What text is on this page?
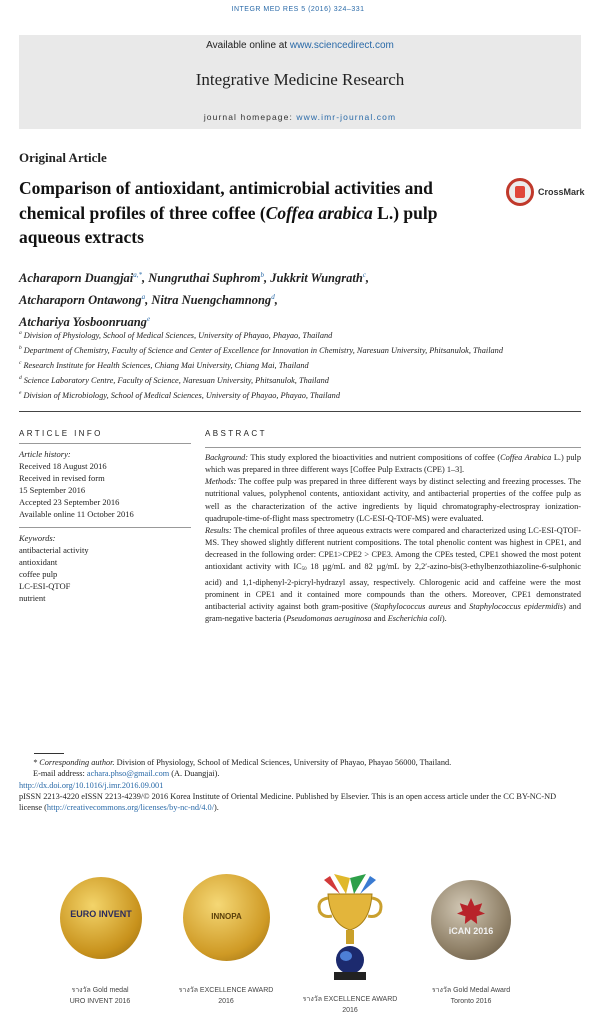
INTEGR MED RES 5 (2016) 324–331
Available online at www.sciencedirect.com
Integrative Medicine Research
journal homepage: www.imr-journal.com
Original Article
Comparison of antioxidant, antimicrobial activities and chemical profiles of three coffee (Coffea arabica L.) pulp aqueous extracts
CrossMark
Acharaporn Duangjai$^{a,*}$, Nungruthai Suphrom$^b$, Jukkrit Wungrath$^c$,
Atcharaporn Ontawong$^a$, Nitra Nuengchamnong$^d$,
Atchariya Yosboonruang$^e$
$^a$ Division of Physiology, School of Medical Sciences, University of Phayao, Phayao, Thailand
$^b$ Department of Chemistry, Faculty of Science and Center of Excellence for Innovation in Chemistry, Naresuan University, Phitsanulok, Thailand
$^c$ Research Institute for Health Sciences, Chiang Mai University, Chiang Mai, Thailand
$^d$ Science Laboratory Centre, Faculty of Science, Naresuan University, Phitsanulok, Thailand
$^e$ Division of Microbiology, School of Medical Sciences, University of Phayao, Phayao, Thailand
ARTICLE INFO
Article history:
Received 18 August 2016
Received in revised form
15 September 2016
Accepted 23 September 2016
Available online 11 October 2016
Keywords:
antibacterial activity
antioxidant
coffee pulp
LC-ESI-QTOF
nutrient
ABSTRACT

Background: This study explored the bioactivities and nutrient compositions of coffee (Coffea Arabica L.) pulp which was prepared in three different ways [Coffee Pulp Extracts (CPE) 1–3].

Methods: The coffee pulp was prepared in three different ways by distinct selecting and freezing processes. The nutritional values, polyphenol contents, antioxidant activity, and antibacterial properties of the coffee pulp as well as the characterization of the active ingredients by liquid chromatography-electrospray ionization-quadrupole-time-of-flight mass spectrometry (LC-ESI-Q-TOF-MS) were evaluated.

Results: The chemical profiles of three aqueous extracts were compared and characterized using LC-ESI-QTOF-MS. They showed slightly different nutrient compositions. The total phenolic content was highest in CPE1, and decreased in the following order: CPE1>CPE2 > CPE3. Among the CPEs tested, CPE1 showed the most potent antioxidant activity with $IC_{50}$ 18 µg/mL and 82 µg/mL by 2,2′-azino-bis(3-ethylbenzothiazoline-6-sulphonic acid) and 1,1-diphenyl-2-picryl-hydrazyl assay, respectively. Chlorogenic acid and caffeine were the most prominent in CPE1 and it contained more compounds than the others. Moreover, CPE1 demonstrated antibacterial activity against both gram-positive (Staphylococcus aureus and Staphylococcus epidermidis) and gram-negative bacteria (Pseudomonas aeruginosa and Escherichia coli).

* Corresponding author. Division of Physiology, School of Medical Sciences, University of Phayao, Phayao 56000, Thailand.
E-mail address: achara.phso@gmail.com (A. Duangjai).
http://dx.doi.org/10.1016/j.imr.2016.09.001
pISSN 2213-4220 eISSN 2213-4239/© 2016 Korea Institute of Oriental Medicine. Published by Elsevier. This is an open access article under the CC BY-NC-ND license (http://creativecommons.org/licenses/by-nc-nd/4.0/).
EURO INVENT
รางวัล Gold medal
URO INVENT 2016
INNOPA
รางวัล EXCELLENCE AWARD
2016	รางวัล EXCELLENCE AWARD
2016
iCAN 2016
รางวัล Gold Medal Award
Toronto 2016
